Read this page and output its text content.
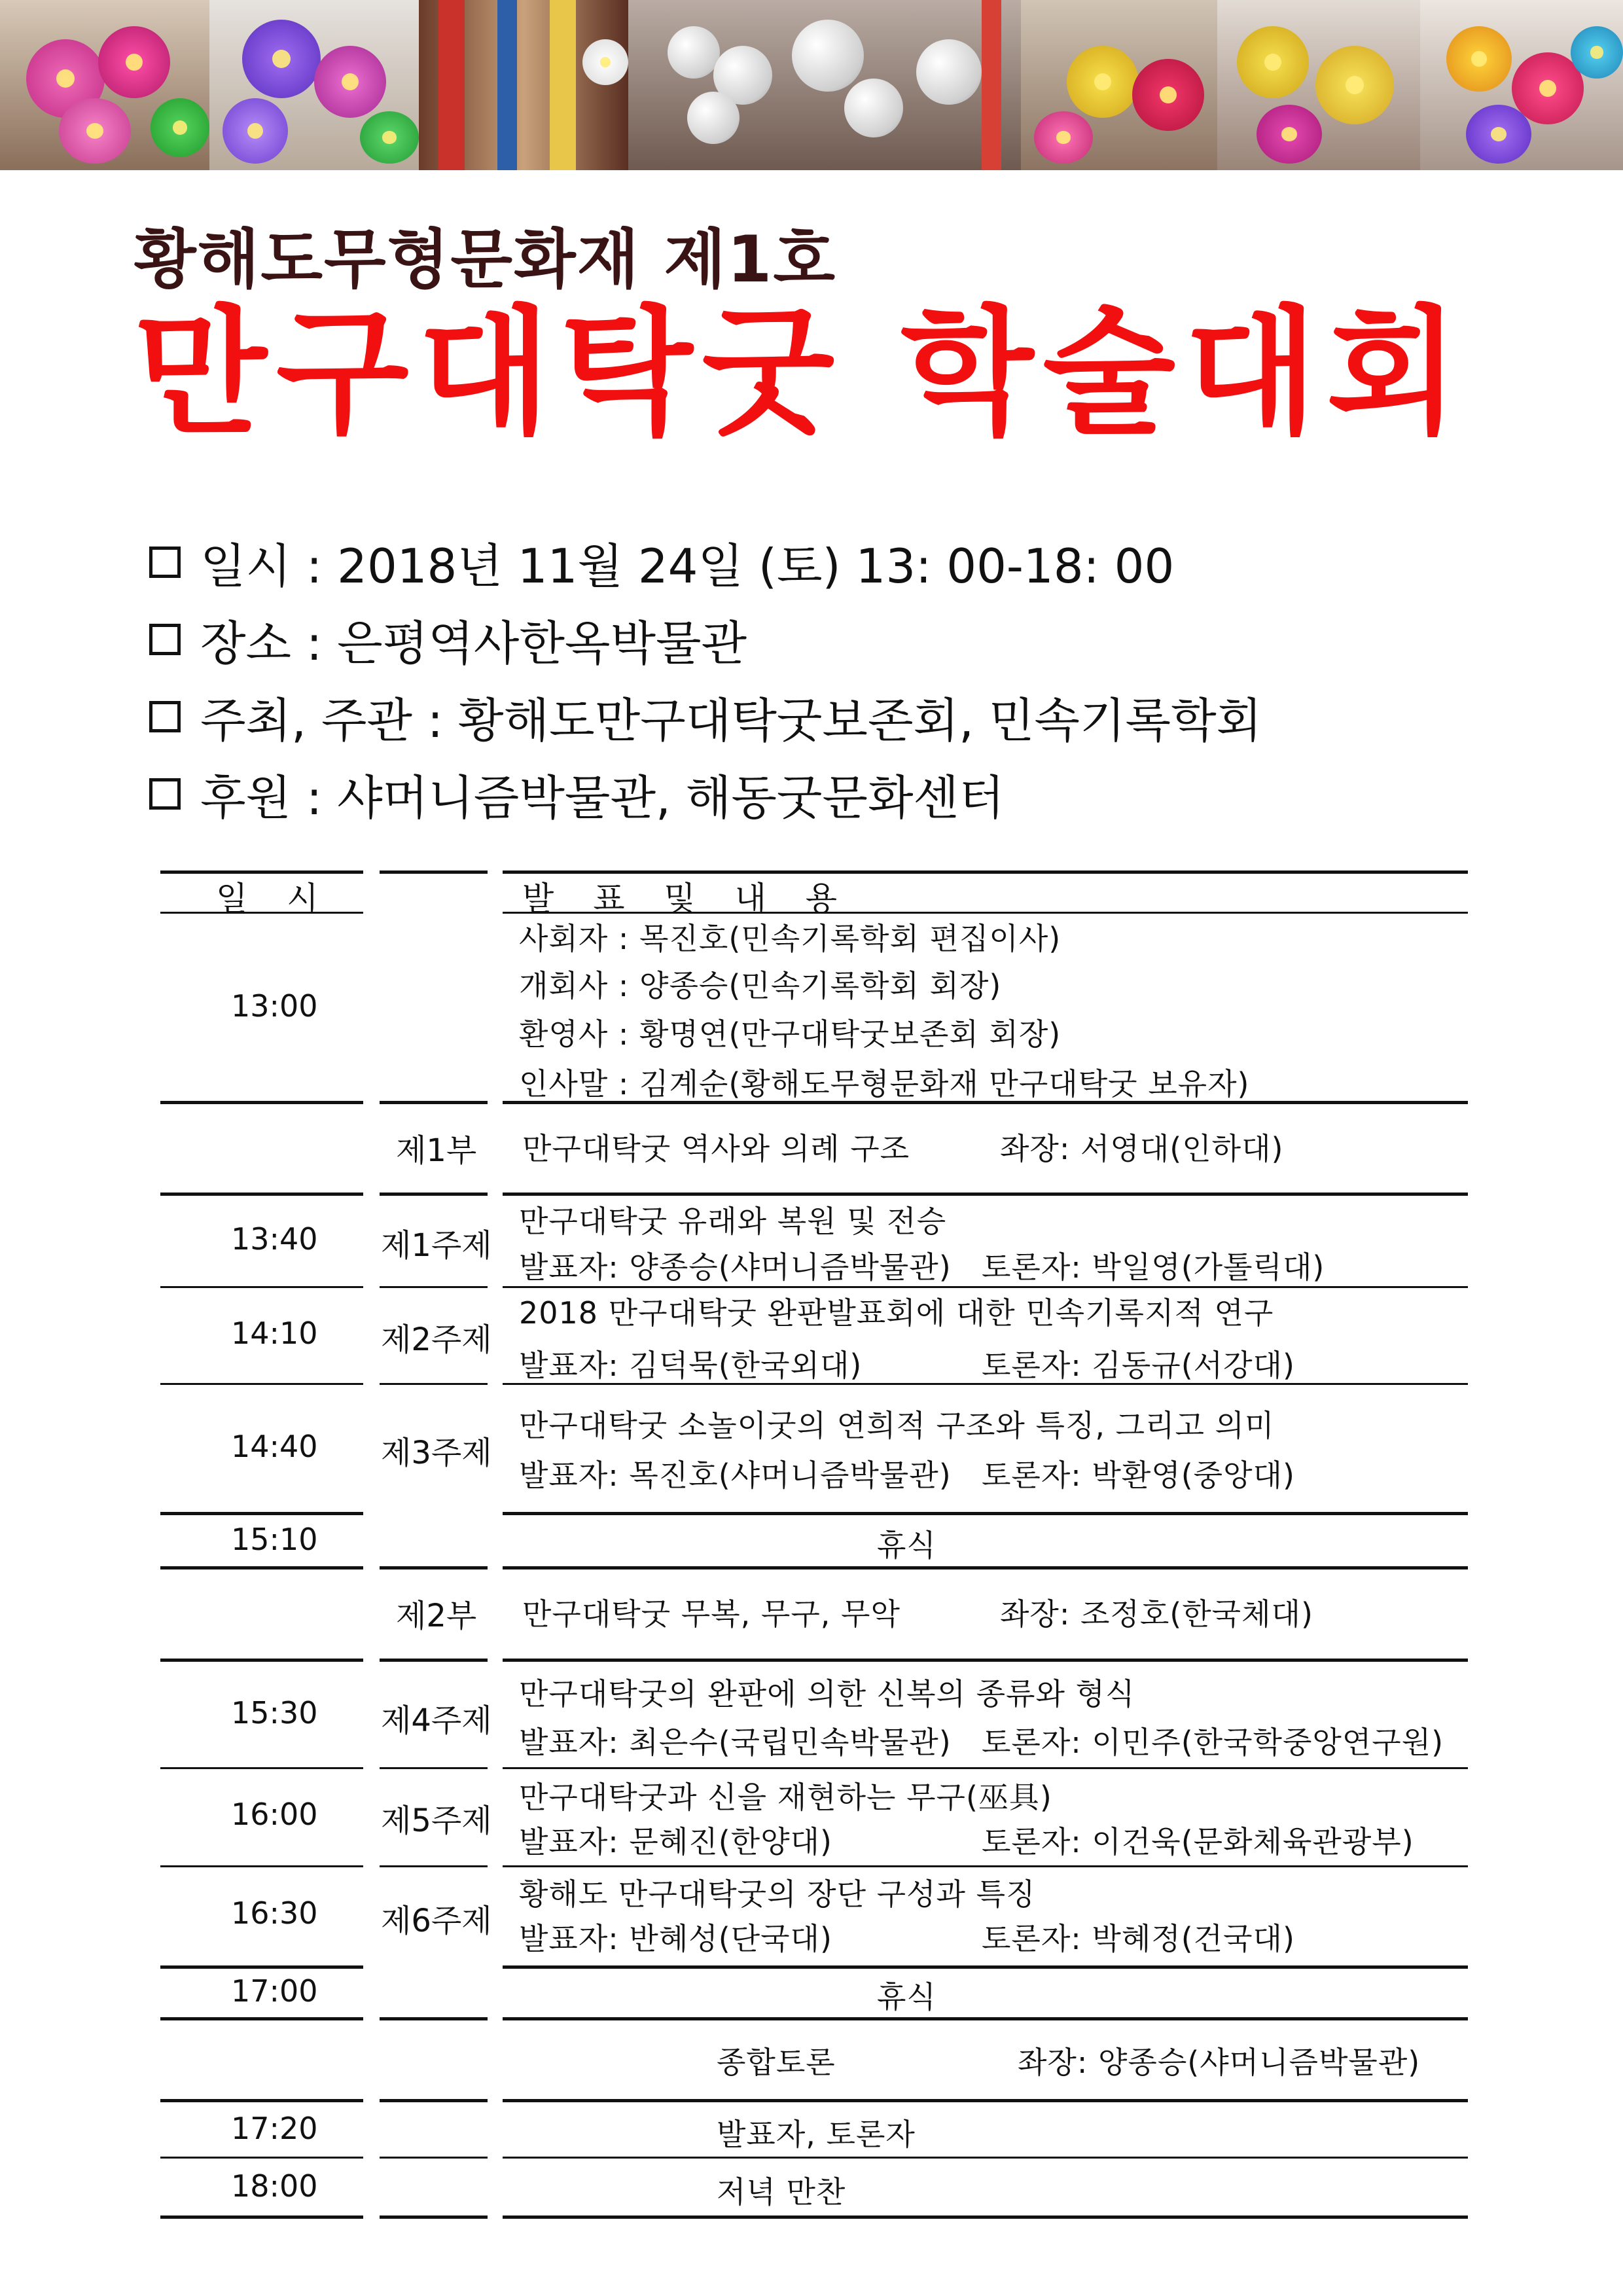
황해도무형문화재 제1호
만구대탁굿 학술대회
일시 : 2018년 11월 24일 (토) 13: 00-18: 00
장소 : 은평역사한옥박물관
주최, 주관 : 황해도만구대탁굿보존회, 민속기록학회
후원 : 샤머니즘박물관, 해동굿문화센터
일 시	발 표 및 내 용
13:00
사회자 : 목진호(민속기록학회 편집이사)
개회사 : 양종승(민속기록학회 회장)
환영사 : 황명연(만구대탁굿보존회 회장)
인사말 : 김계순(황해도무형문화재 만구대탁굿 보유자)
제1부 만구대탁굿 역사와 의례 구조	좌장: 서영대(인하대)
13:40 제1주제
만구대탁굿 유래와 복원 및 전승
발표자: 양종승(샤머니즘박물관) 토론자: 박일영(가톨릭대)
14:10 제2주제
2018 만구대탁굿 완판발표회에 대한 민속기록지적 연구
발표자: 김덕묵(한국외대)	토론자: 김동규(서강대)
14:40 제3주제
만구대탁굿 소놀이굿의 연희적 구조와 특징, 그리고 의미
발표자: 목진호(샤머니즘박물관) 토론자: 박환영(중앙대)
15:10	휴식
제2부 만구대탁굿 무복, 무구, 무악	좌장: 조정호(한국체대)
15:30 제4주제
만구대탁굿의 완판에 의한 신복의 종류와 형식
발표자: 최은수(국립민속박물관) 토론자: 이민주(한국학중앙연구원)
16:00 제5주제
만구대탁굿과 신을 재현하는 무구(巫具)
발표자: 문혜진(한양대)	토론자: 이건욱(문화체육관광부)
16:30 제6주제
황해도 만구대탁굿의 장단 구성과 특징
발표자: 반혜성(단국대)	토론자: 박혜정(건국대)
17:00	휴식
종합토론	좌장: 양종승(샤머니즘박물관)
17:20	발표자, 토론자
18:00	저녁 만찬
